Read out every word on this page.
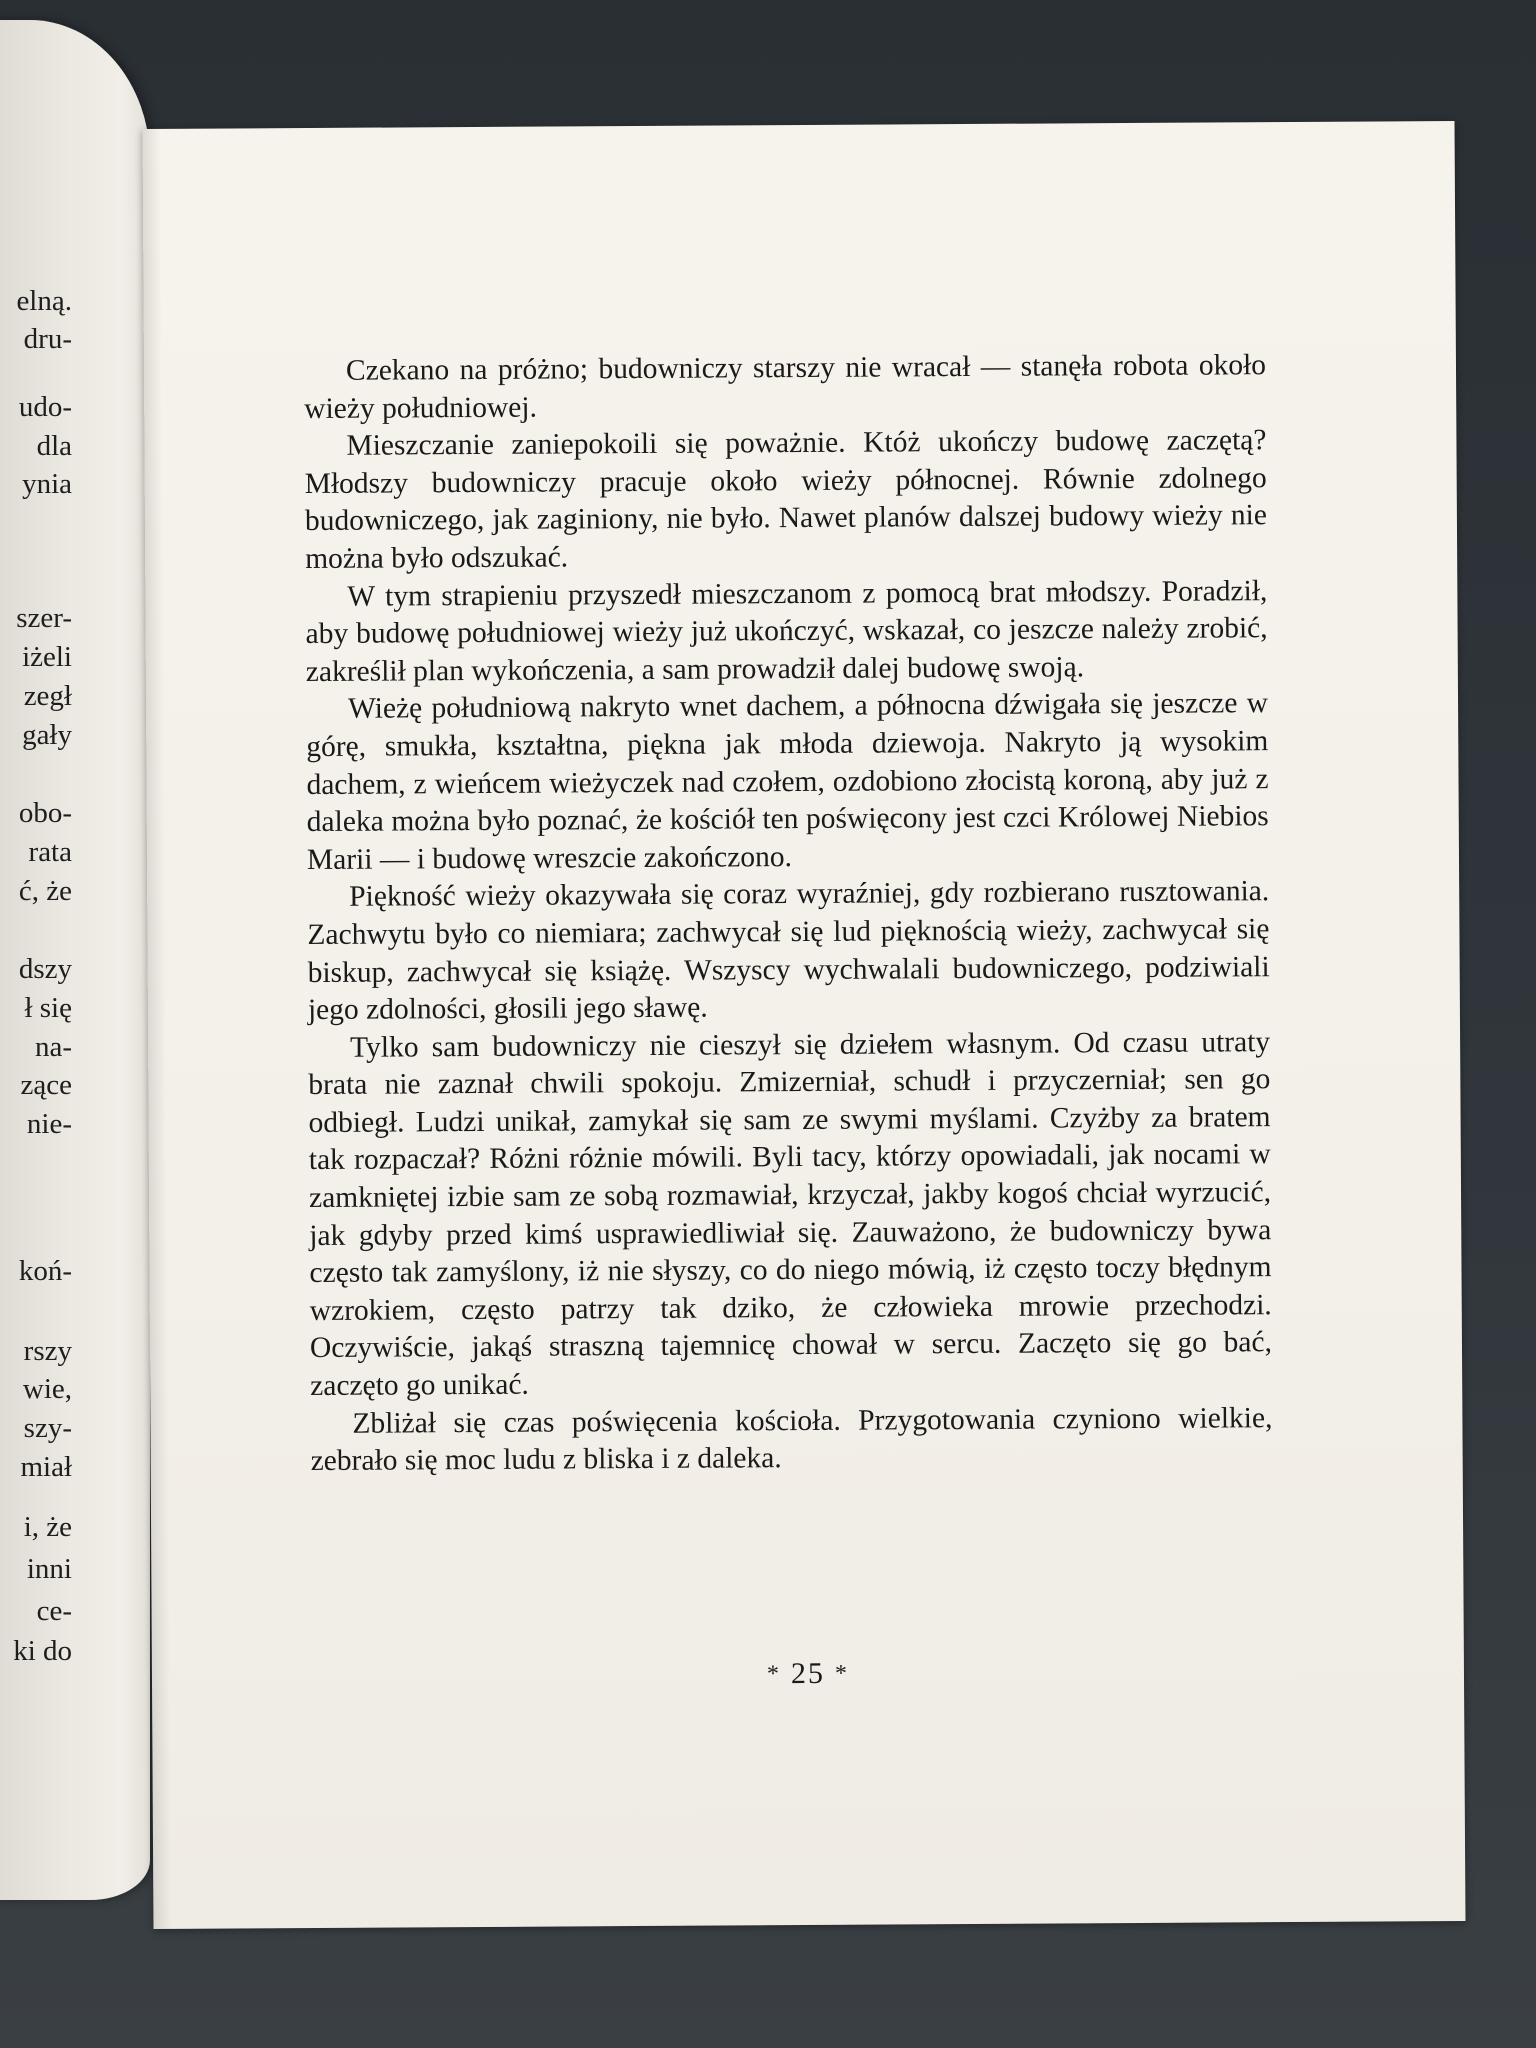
elną.
dru-
udo-
dla
ynia
szer-
iżeli
zegł
gały
obo-
rata
ć, że
dszy
ł się
na-
zące
nie-
koń-
rszy
wie,
szy-
miał
i, że
inni
ce-
ki do

Czekano na próżno; budowniczy starszy nie wracał — stanęła robota około wieży południowej.

Mieszczanie zaniepokoili się poważnie. Któż ukończy budowę zaczętą? Młodszy budowniczy pracuje około wieży północnej. Równie zdolnego budowniczego, jak zaginiony, nie było. Nawet planów dalszej budowy wieży nie można było odszukać.

W tym strapieniu przyszedł mieszczanom z pomocą brat młodszy. Poradził, aby budowę południowej wieży już ukończyć, wskazał, co jeszcze należy zrobić, zakreślił plan wykończenia, a sam prowadził dalej budowę swoją.

Wieżę południową nakryto wnet dachem, a północna dźwigała się jeszcze w górę, smukła, kształtna, piękna jak młoda dziewoja. Nakryto ją wysokim dachem, z wieńcem wieżyczek nad czołem, ozdobiono złocistą koroną, aby już z daleka można było poznać, że kościół ten poświęcony jest czci Królowej Niebios Marii — i budowę wreszcie zakończono.

Piękność wieży okazywała się coraz wyraźniej, gdy rozbierano rusztowania. Zachwytu było co niemiara; zachwycał się lud pięknością wieży, zachwycał się biskup, zachwycał się książę. Wszyscy wychwalali budowniczego, podziwiali jego zdolności, głosili jego sławę.

Tylko sam budowniczy nie cieszył się dziełem własnym. Od czasu utraty brata nie zaznał chwili spokoju. Zmizerniał, schudł i przyczerniał; sen go odbiegł. Ludzi unikał, zamykał się sam ze swymi myślami. Czyżby za bratem tak rozpaczał? Różni różnie mówili. Byli tacy, którzy opowiadali, jak nocami w zamkniętej izbie sam ze sobą rozmawiał, krzyczał, jakby kogoś chciał wyrzucić, jak gdyby przed kimś usprawiedliwiał się. Zauważono, że budowniczy bywa często tak zamyślony, iż nie słyszy, co do niego mówią, iż często toczy błędnym wzrokiem, często patrzy tak dziko, że człowieka mrowie przechodzi. Oczywiście, jakąś straszną tajemnicę chował w sercu. Zaczęto się go bać, zaczęto go unikać.

Zbliżał się czas poświęcenia kościoła. Przygotowania czyniono wielkie, zebrało się moc ludu z bliska i z daleka.

* 25 *
